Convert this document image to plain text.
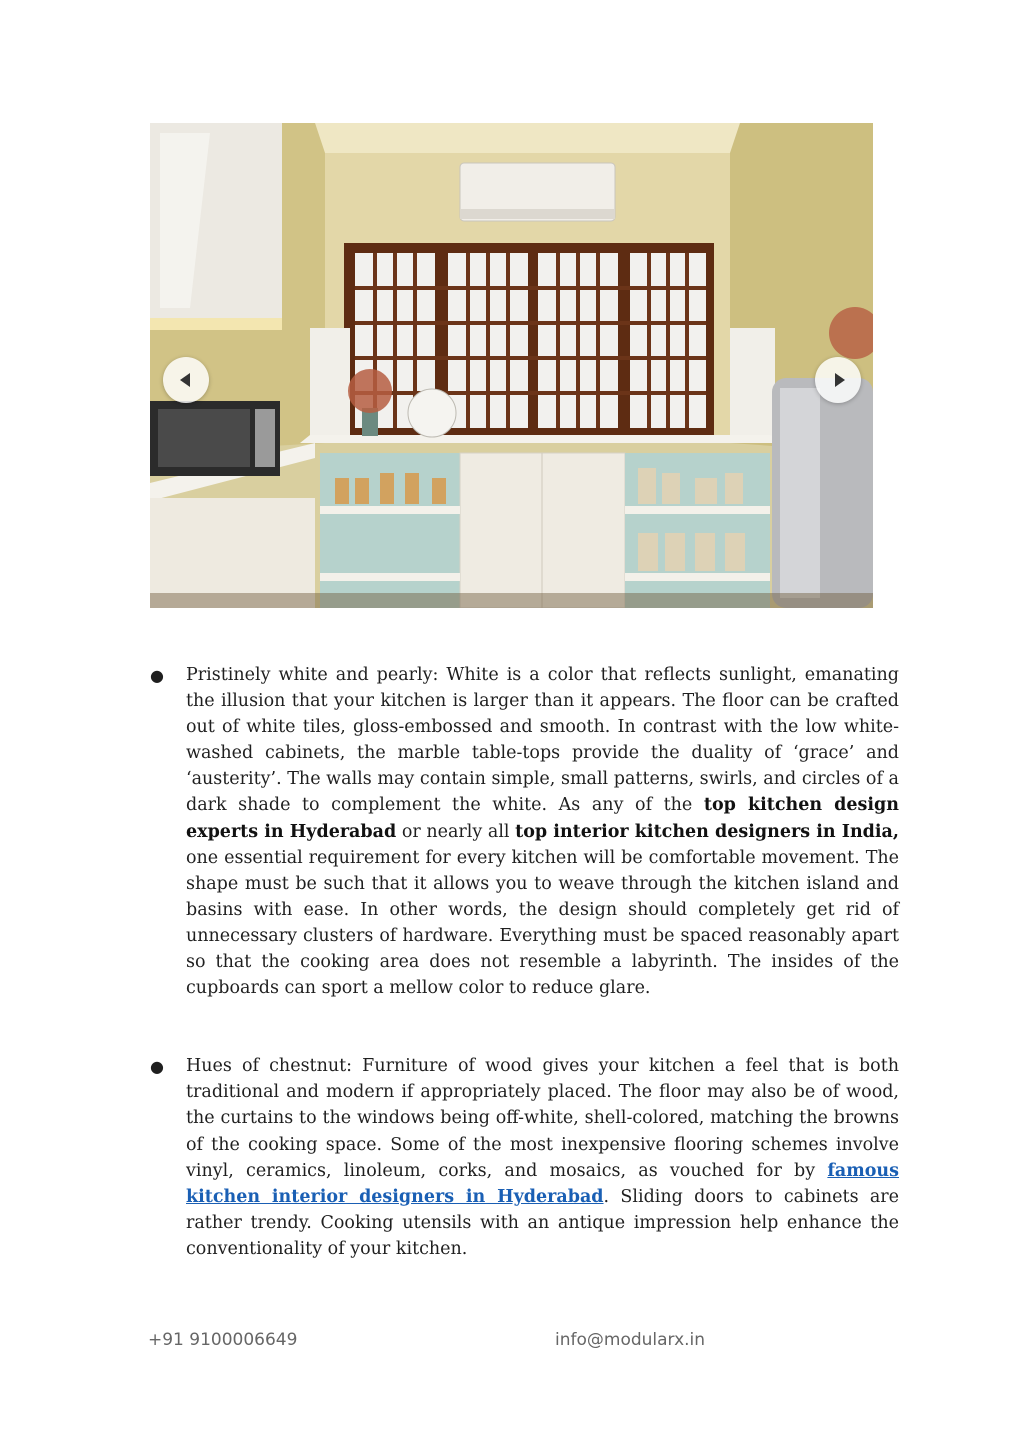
● Pristinely white and pearly: White is a color that reflects sunlight, emanating the illusion that your kitchen is larger than it appears. The floor can be crafted out of white tiles, gloss-embossed and smooth. In contrast with the low white-washed cabinets, the marble table-tops provide the duality of ‘grace’ and ‘austerity’. The walls may contain simple, small patterns, swirls, and circles of a dark shade to complement the white. As any of the top kitchen design experts in Hyderabad or nearly all top interior kitchen designers in India, one essential requirement for every kitchen will be comfortable movement. The shape must be such that it allows you to weave through the kitchen island and basins with ease. In other words, the design should completely get rid of unnecessary clusters of hardware. Everything must be spaced reasonably apart so that the cooking area does not resemble a labyrinth. The insides of the cupboards can sport a mellow color to reduce glare.

● Hues of chestnut: Furniture of wood gives your kitchen a feel that is both traditional and modern if appropriately placed. The floor may also be of wood, the curtains to the windows being off-white, shell-colored, matching the browns of the cooking space. Some of the most inexpensive flooring schemes involve vinyl, ceramics, linoleum, corks, and mosaics, as vouched for by famous kitchen interior designers in Hyderabad. Sliding doors to cabinets are rather trendy. Cooking utensils with an antique impression help enhance the conventionality of your kitchen.

+91 9100006649	info@modularx.in
